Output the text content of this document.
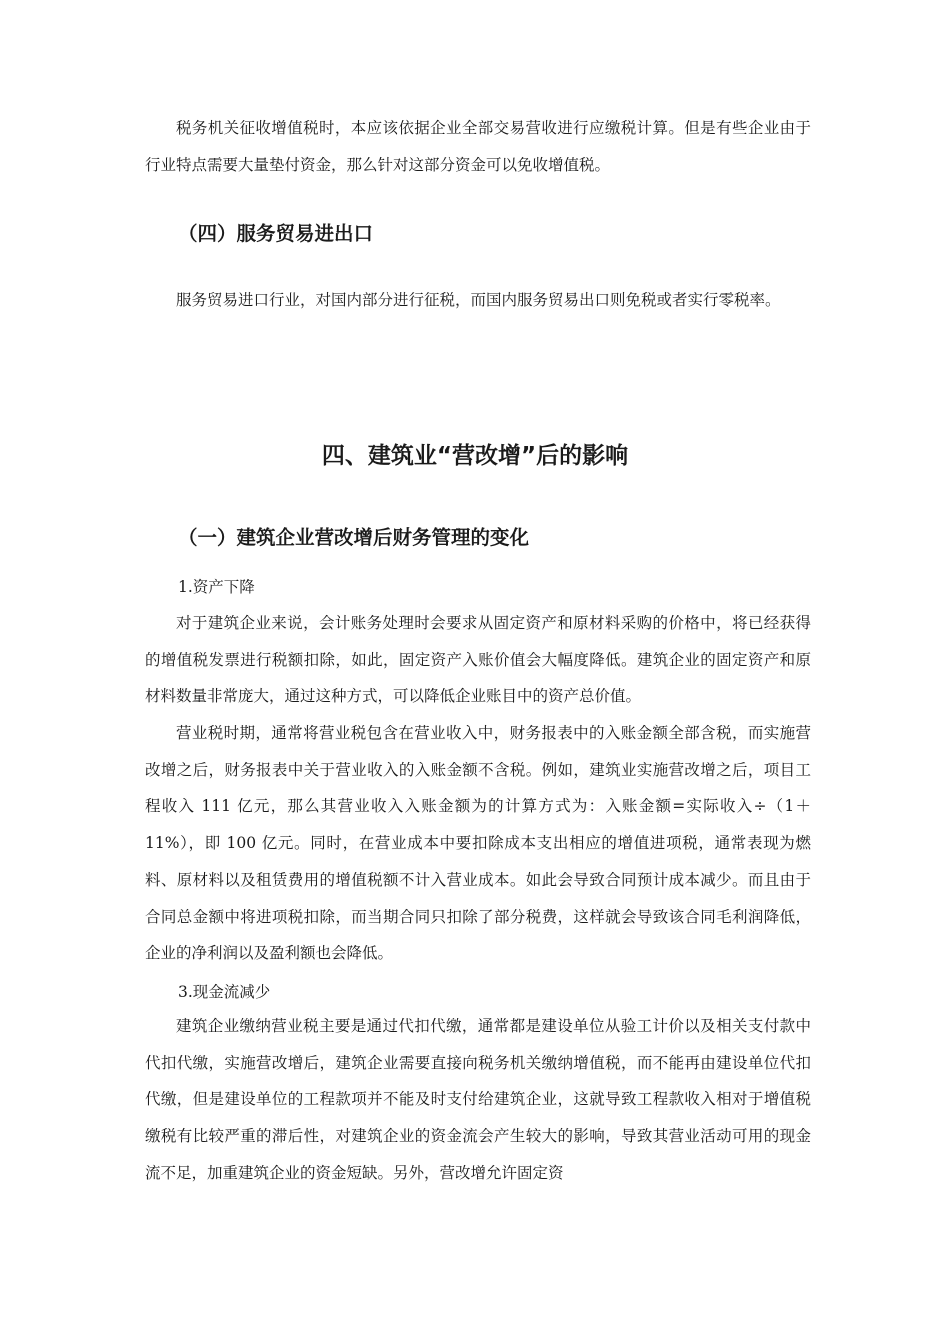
税务机关征收增值税时，本应该依据企业全部交易营收进行应缴税计算。但是有些企业由于行业特点需要大量垫付资金，那么针对这部分资金可以免收增值税。

（四）服务贸易进出口

服务贸易进口行业，对国内部分进行征税，而国内服务贸易出口则免税或者实行零税率。

四、建筑业“营改增”后的影响
（一）建筑企业营改增后财务管理的变化

1.资产下降

对于建筑企业来说，会计账务处理时会要求从固定资产和原材料采购的价格中，将已经获得的增值税发票进行税额扣除，如此，固定资产入账价值会大幅度降低。建筑企业的固定资产和原材料数量非常庞大，通过这种方式，可以降低企业账目中的资产总价值。

营业税时期，通常将营业税包含在营业收入中，财务报表中的入账金额全部含税，而实施营改增之后，财务报表中关于营业收入的入账金额不含税。例如，建筑业实施营改增之后，项目工程收入 111 亿元，那么其营业收入入账金额为的计算方式为：入账金额=实际收入÷（1＋11%），即 100 亿元。同时，在营业成本中要扣除成本支出相应的增值进项税，通常表现为燃料、原材料以及租赁费用的增值税额不计入营业成本。如此会导致合同预计成本减少。而且由于合同总金额中将进项税扣除，而当期合同只扣除了部分税费，这样就会导致该合同毛利润降低，企业的净利润以及盈利额也会降低。

3.现金流减少

建筑企业缴纳营业税主要是通过代扣代缴，通常都是建设单位从验工计价以及相关支付款中代扣代缴，实施营改增后，建筑企业需要直接向税务机关缴纳增值税，而不能再由建设单位代扣代缴，但是建设单位的工程款项并不能及时支付给建筑企业，这就导致工程款收入相对于增值税缴税有比较严重的滞后性，对建筑企业的资金流会产生较大的影响，导致其营业活动可用的现金流不足，加重建筑企业的资金短缺。另外，营改增允许固定资
